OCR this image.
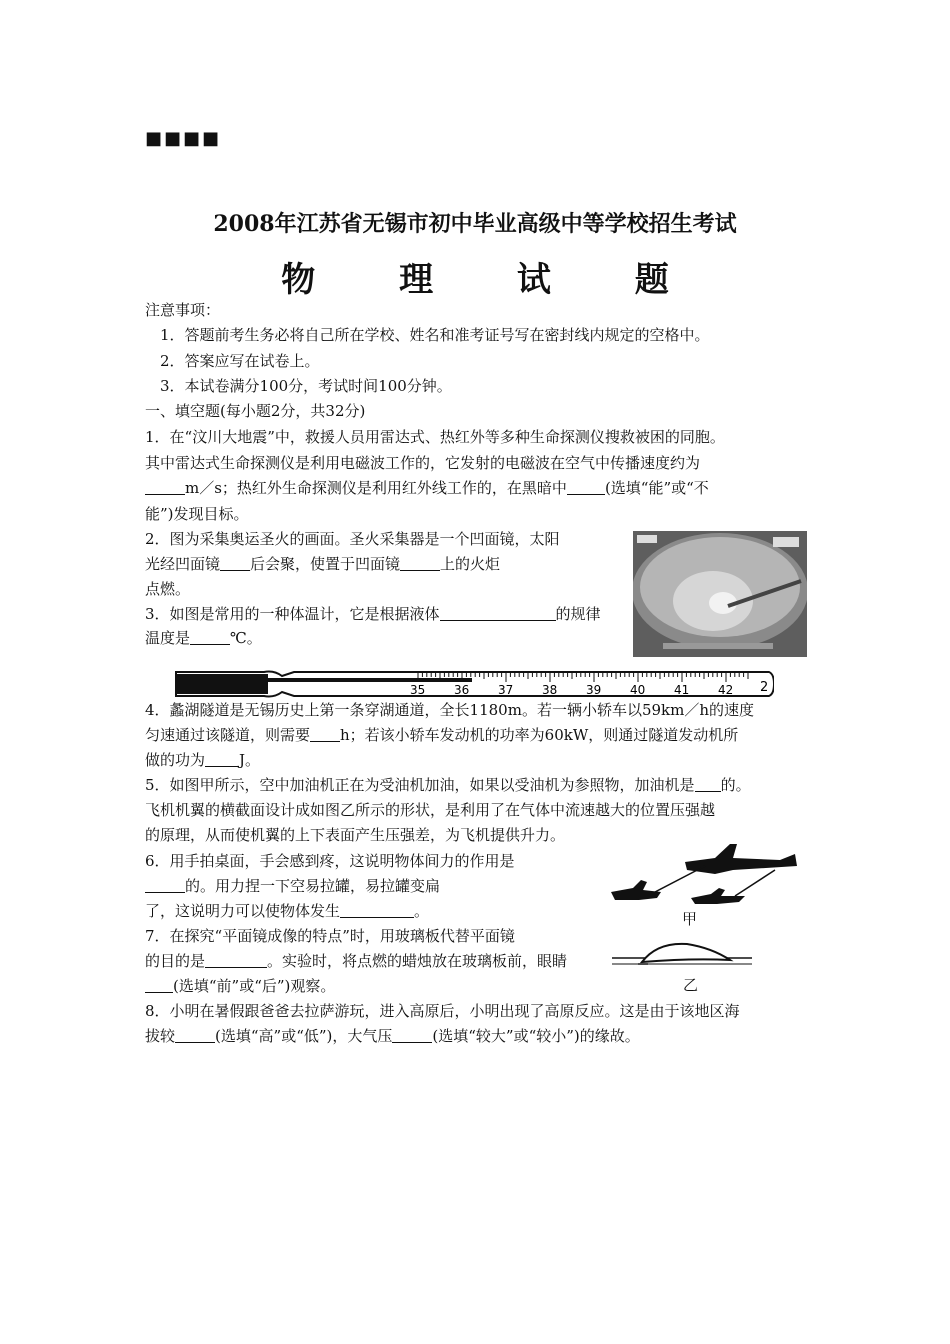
■■■■
2008年江苏省无锡市初中毕业高级中等学校招生考试
物 理 试 题
注意事项：
1．答题前考生务必将自己所在学校、姓名和准考证号写在密封线内规定的空格中。
2．答案应写在试卷上。
3．本试卷满分100分，考试时间100分钟。
一、填空题(每小题2分，共32分)
1．在“汶川大地震”中，救援人员用雷达式、热红外等多种生命探测仪搜救被困的同胞。
其中雷达式生命探测仪是利用电磁波工作的，它发射的电磁波在空气中传播速度约为
m／s；热红外生命探测仪是利用红外线工作的，在黑暗中	(选填“能”或“不
能”)发现目标。
2．图为采集奥运圣火的画面。圣火采集器是一个凹面镜，太阳
光经凹面镜 后会聚，使置于凹面镜	上的火炬
点燃。
3．如图是常用的一种体温计，它是根据液体	的规律
温度是	℃。
35 36 37 38 39 40 41 42 2
4．蠡湖隧道是无锡历史上第一条穿湖通道，全长1180m。若一辆小轿车以59km／h的速度
匀速通过该隧道，则需要 h；若该小轿车发动机的功率为60kW，则通过隧道发动机所
做的功为 J。
5．如图甲所示，空中加油机正在为受油机加油，如果以受油机为参照物，加油机是 的。
飞机机翼的横截面设计成如图乙所示的形状，是利用了在气体中流速越大的位置压强越
的原理，从而使机翼的上下表面产生压强差，为飞机提供升力。
6．用手拍桌面，手会感到疼，这说明物体间力的作用是
的。用力捏一下空易拉罐，易拉罐变扁
了，这说明力可以使物体发生	。	甲
乙
7．在探究“平面镜成像的特点”时，用玻璃板代替平面镜
的目的是	。实验时，将点燃的蜡烛放在玻璃板前，眼睛
(选填“前”或“后”)观察。
8．小明在暑假跟爸爸去拉萨游玩，进入高原后，小明出现了高原反应。这是由于该地区海
拔较	(选填“高”或“低”)，大气压	(选填“较大”或“较小”)的缘故。
